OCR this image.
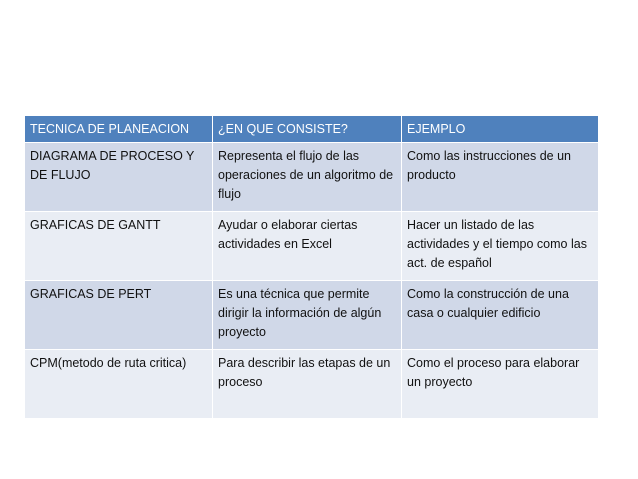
TECNICA DE PLANEACION	¿EN QUE CONSISTE?	EJEMPLO
DIAGRAMA DE PROCESO Y DE FLUJO	Representa el flujo de las operaciones de un algoritmo de flujo	Como las instrucciones de un producto
GRAFICAS DE GANTT	Ayudar o elaborar ciertas actividades en Excel	Hacer un listado de las actividades y el tiempo como las act. de español
GRAFICAS DE PERT	Es una técnica que permite dirigir la información de algún proyecto	Como la construcción de una casa o cualquier edificio
CPM(metodo de ruta critica)	Para describir las etapas de un proceso	Como el proceso para elaborar un proyecto
